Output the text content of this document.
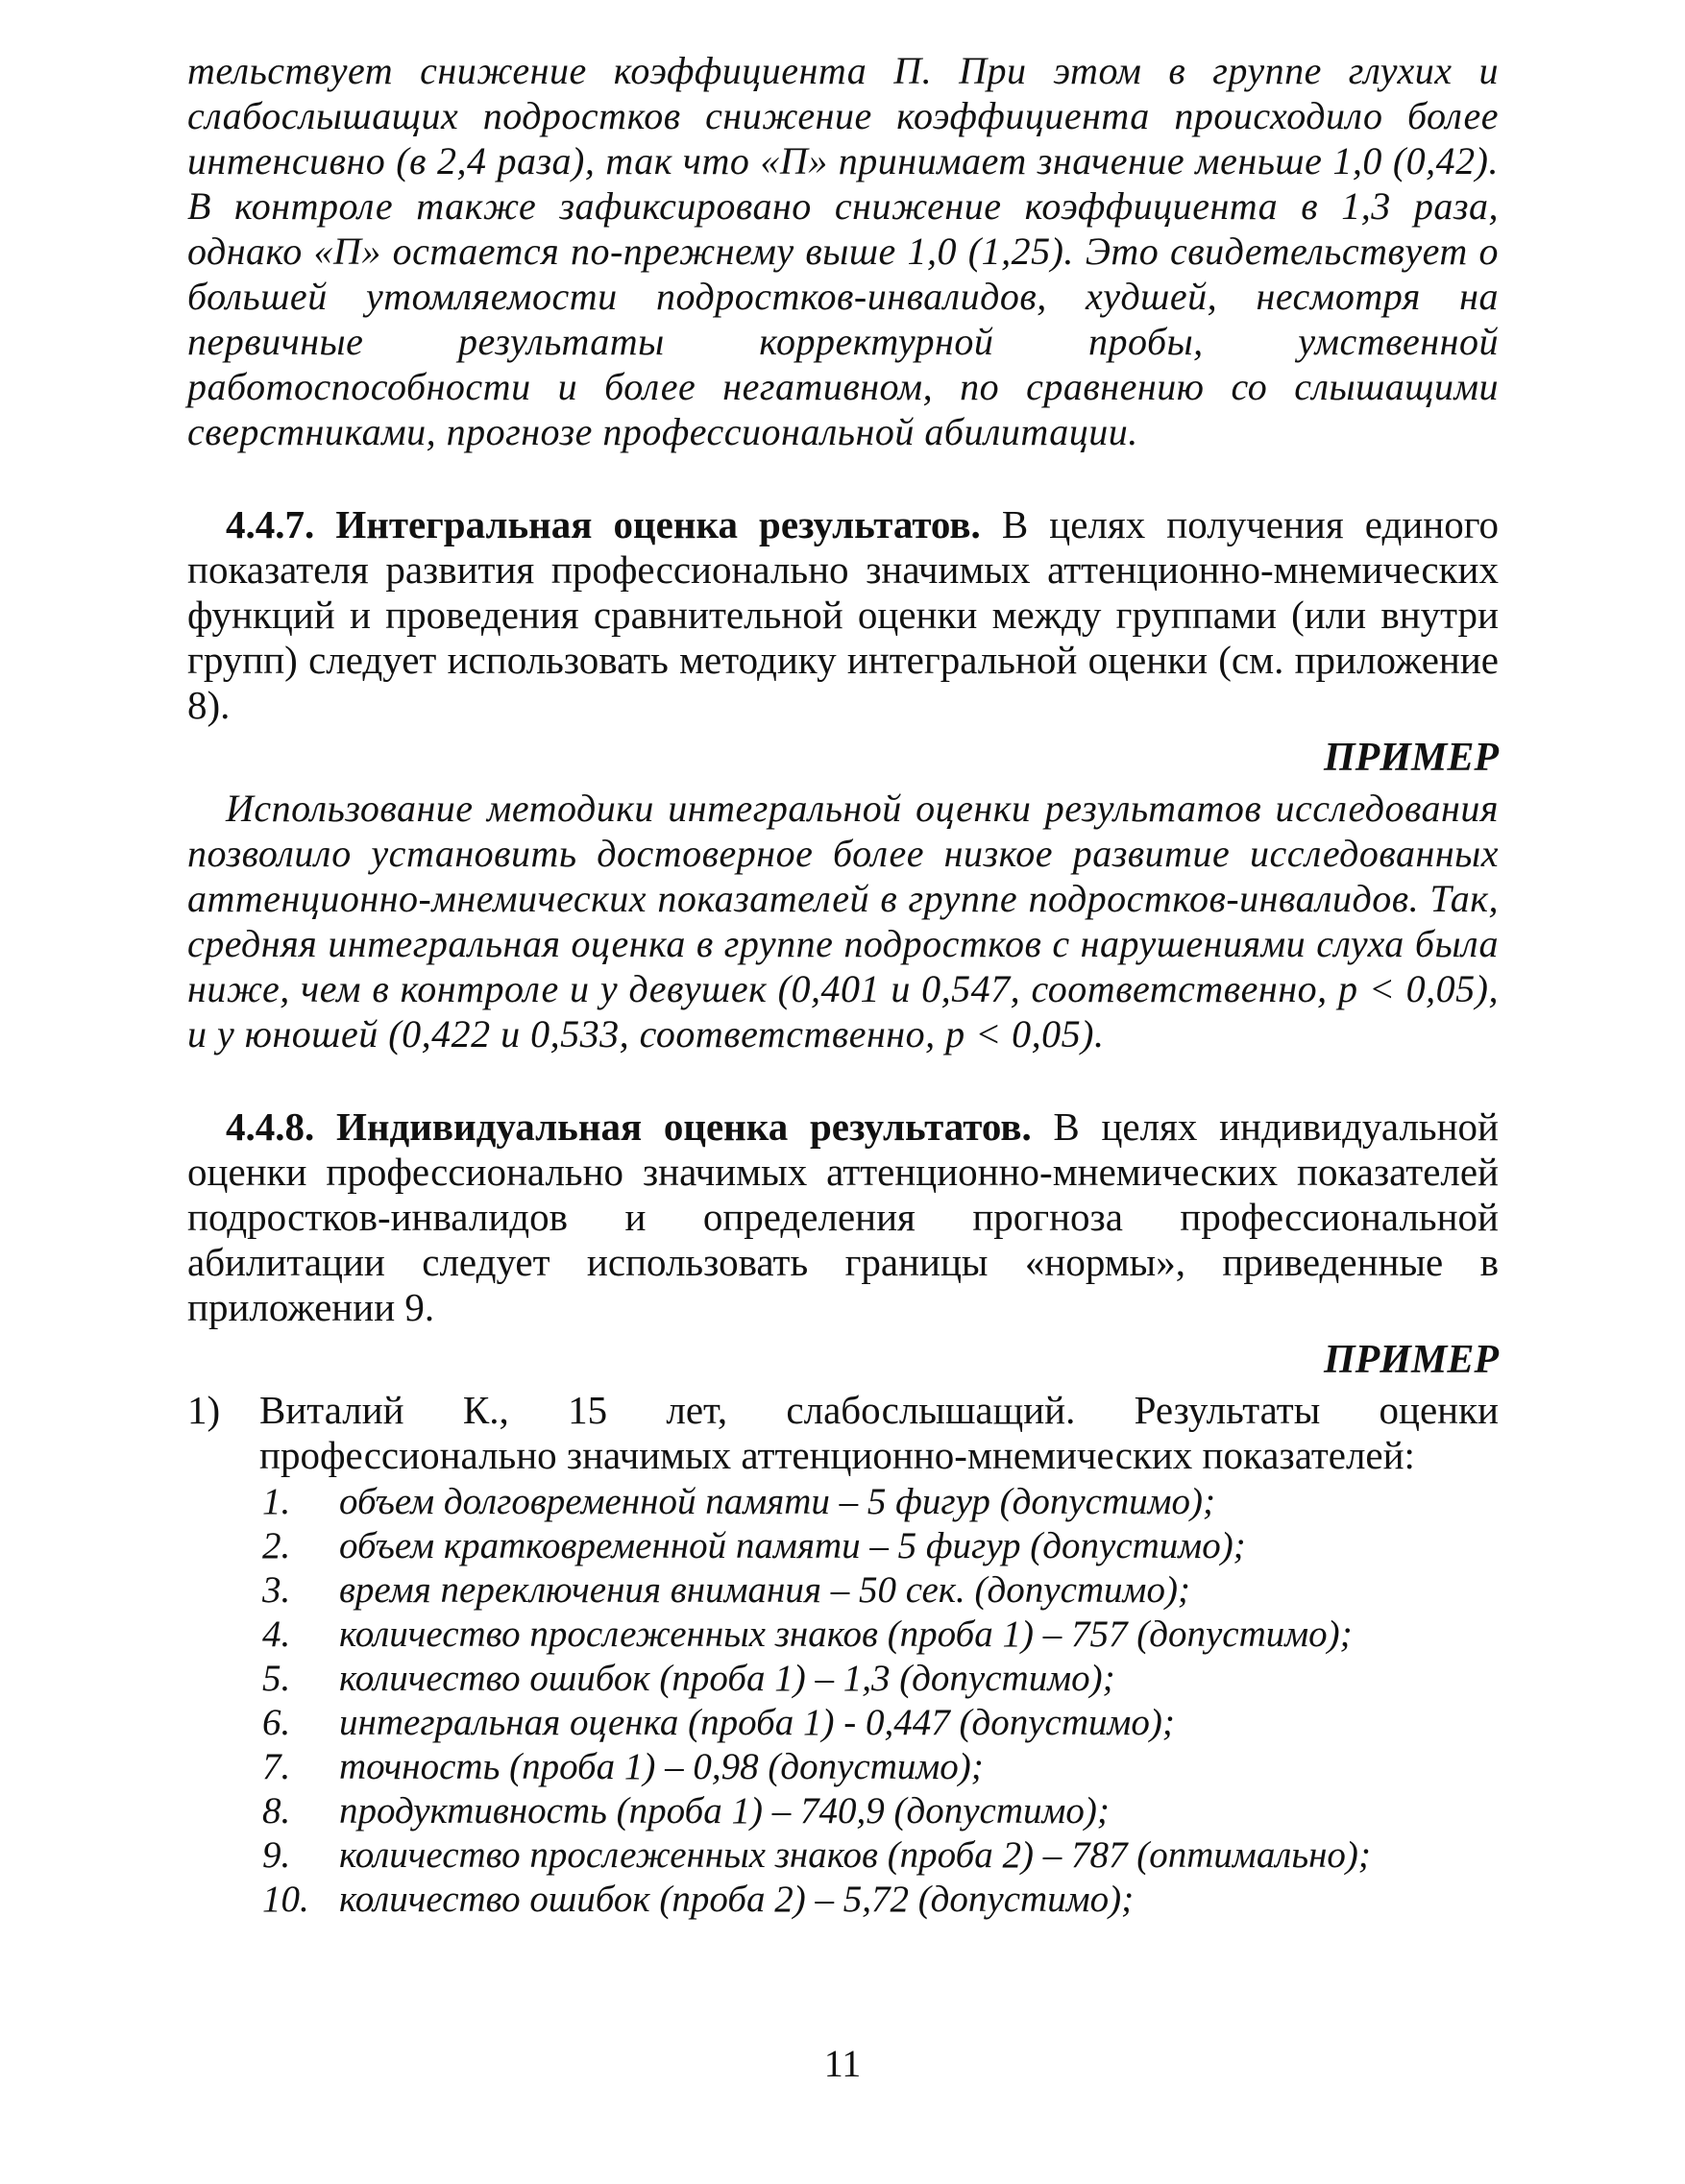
тельствует снижение коэффициента П. При этом в группе глухих и слабослышащих подростков снижение коэффициента происходило более интенсивно (в 2,4 раза), так что «П» принимает значение меньше 1,0 (0,42). В контроле также зафиксировано снижение коэффициента в 1,3 раза, однако «П» остается по-прежнему выше 1,0 (1,25). Это свидетельствует о большей утомляемости подростков-инвалидов, худшей, несмотря на первичные результаты корректурной пробы, умственной работоспособности и более негативном, по сравнению со слышащими сверстниками, прогнозе профессиональной абилитации.

4.4.7. Интегральная оценка результатов. В целях получения единого показателя развития профессионально значимых аттенционно-мнемических функций и проведения сравнительной оценки между группами (или внутри групп) следует использовать методику интегральной оценки (см. приложение 8).

ПРИМЕР

Использование методики интегральной оценки результатов исследования позволило установить достоверное более низкое развитие исследованных аттенционно-мнемических показателей в группе подростков-инвалидов. Так, средняя интегральная оценка в группе подростков с нарушениями слуха была ниже, чем в контроле и у девушек (0,401 и 0,547, соответственно, p < 0,05), и у юношей (0,422 и 0,533, соответственно, p < 0,05).

4.4.8. Индивидуальная оценка результатов. В целях индивидуальной оценки профессионально значимых аттенционно-мнемических показателей подростков-инвалидов и определения прогноза профессиональной абилитации следует использовать границы «нормы», приведенные в приложении 9.

ПРИМЕР
1) Виталий К., 15 лет, слабослышащий. Результаты оценки профессионально значимых аттенционно-мнемических показателей:
1.	объем долговременной памяти – 5 фигур (допустимо);
2.	объем кратковременной памяти – 5 фигур (допустимо);
3.	время переключения внимания – 50 сек. (допустимо);
4.	количество прослеженных знаков (проба 1) – 757 (допустимо);
5.	количество ошибок (проба 1) – 1,3 (допустимо);
6.	интегральная оценка (проба 1) - 0,447 (допустимо);
7.	точность (проба 1) – 0,98 (допустимо);
8.	продуктивность (проба 1) – 740,9 (допустимо);
9.	количество прослеженных знаков (проба 2) – 787 (оптимально);
10. количество ошибок (проба 2) – 5,72 (допустимо);
11
